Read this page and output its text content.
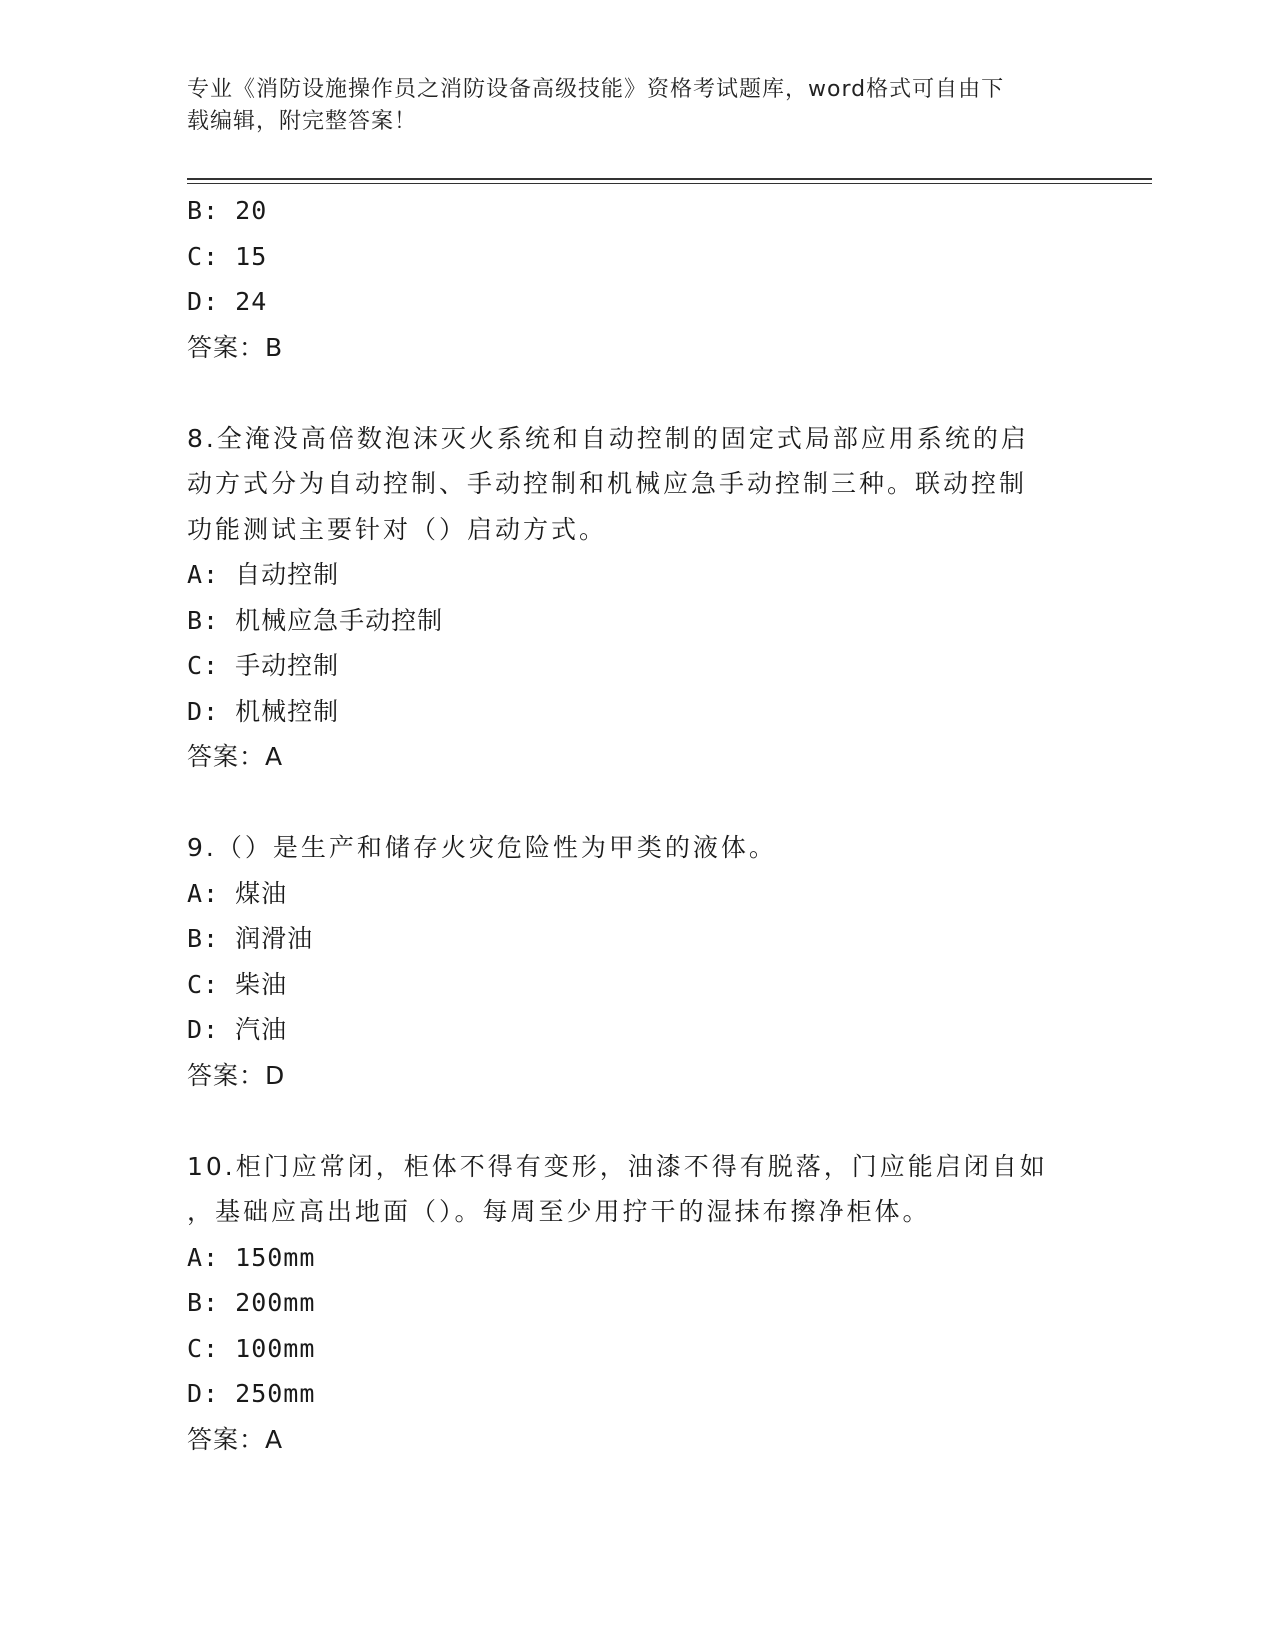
专业《消防设施操作员之消防设备高级技能》资格考试题库，word格式可自由下
载编辑，附完整答案！
B: 20
C: 15
D: 24
答案：B
8.全淹没高倍数泡沫灭火系统和自动控制的固定式局部应用系统的启
动方式分为自动控制、手动控制和机械应急手动控制三种。联动控制
功能测试主要针对（）启动方式。
A: 自动控制
B: 机械应急手动控制
C: 手动控制
D: 机械控制
答案：A
9.（）是生产和储存火灾危险性为甲类的液体。
A: 煤油
B: 润滑油
C: 柴油
D: 汽油
答案：D
10.柜门应常闭，柜体不得有变形，油漆不得有脱落，门应能启闭自如
，基础应高出地面（）。每周至少用拧干的湿抹布擦净柜体。
A: 150mm
B: 200mm
C: 100mm
D: 250mm
答案：A
